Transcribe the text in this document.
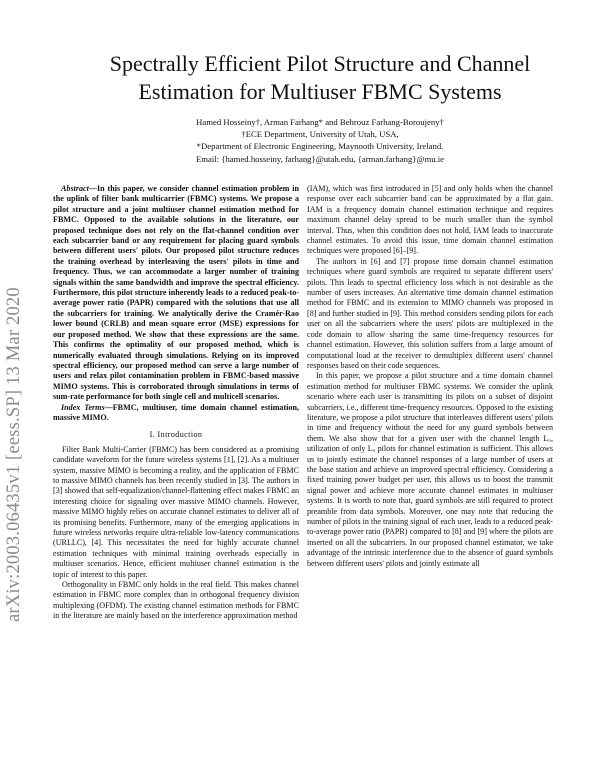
arXiv:2003.06435v1 [eess.SP] 13 Mar 2020
Spectrally Efficient Pilot Structure and Channel
Estimation for Multiuser FBMC Systems
Hamed Hosseiny†, Arman Farhang* and Behrouz Farhang-Boroujeny†
†ECE Department, University of Utah, USA,
*Department of Electronic Engineering, Maynooth University, Ireland.
Email: {hamed.hosseiny, farhang}@utah.edu, {arman.farhang}@mu.ie

Abstract—In this paper, we consider channel estimation problem in the uplink of filter bank multicarrier (FBMC) systems. We propose a pilot structure and a joint multiuser channel estimation method for FBMC. Opposed to the available solutions in the literature, our proposed technique does not rely on the flat-channel condition over each subcarrier band or any requirement for placing guard symbols between different users' pilots. Our proposed pilot structure reduces the training overhead by interleaving the users' pilots in time and frequency. Thus, we can accommodate a larger number of training signals within the same bandwidth and improve the spectral efficiency. Furthermore, this pilot structure inherently leads to a reduced peak-to-average power ratio (PAPR) compared with the solutions that use all the subcarriers for training. We analytically derive the Cramér-Rao lower bound (CRLB) and mean square error (MSE) expressions for our proposed method. We show that these expressions are the same. This confirms the optimality of our proposed method, which is numerically evaluated through simulations. Relying on its improved spectral efficiency, our proposed method can serve a large number of users and relax pilot contamination problem in FBMC-based massive MIMO systems. This is corroborated through simulations in terms of sum-rate performance for both single cell and multicell scenarios.

Index Terms—FBMC, multiuser, time domain channel estimation, massive MIMO.

I. Introduction

Filter Bank Multi-Carrier (FBMC) has been considered as a promising candidate waveform for the future wireless systems [1], [2]. As a multiuser system, massive MIMO is becoming a reality, and the application of FBMC to massive MIMO channels has been recently studied in [3]. The authors in [3] showed that self-equalization/channel-flattening effect makes FBMC an interesting choice for signaling over massive MIMO channels. However, massive MIMO highly relies on accurate channel estimates to deliver all of its promising benefits. Furthermore, many of the emerging applications in future wireless networks require ultra-reliable low-latency communications (URLLC), [4]. This necessitates the need for highly accurate channel estimation techniques with minimal training overheads especially in multiuser scenarios. Hence, efficient multiuser channel estimation is the topic of interest to this paper.

Orthogonality in FBMC only holds in the real field. This makes channel estimation in FBMC more complex than in orthogonal frequency division multiplexing (OFDM). The existing channel estimation methods for FBMC in the literature are mainly based on the interference approximation method

(IAM), which was first introduced in [5] and only holds when the channel response over each subcarrier band can be approximated by a flat gain. IAM is a frequency domain channel estimation technique and requires maximum channel delay spread to be much smaller than the symbol interval. Thus, when this condition does not hold, IAM leads to inaccurate channel estimates. To avoid this issue, time domain channel estimation techniques were proposed [6]–[9].

The authors in [6] and [7] propose time domain channel estimation techniques where guard symbols are required to separate different users' pilots. This leads to spectral efficiency loss which is not desirable as the number of users increases. An alternative time domain channel estimation method for FBMC and its extension to MIMO channels was proposed in [8] and further studied in [9]. This method considers sending pilots for each user on all the subcarriers where the users' pilots are multiplexed in the code domain to allow sharing the same time-frequency resources for channel estimation. However, this solution suffers from a large amount of computational load at the receiver to demultiplex different users' channel responses based on their code sequences.

In this paper, we propose a pilot structure and a time domain channel estimation method for multiuser FBMC systems. We consider the uplink scenario where each user is transmitting its pilots on a subset of disjoint subcarriers, i.e., different time-frequency resources. Opposed to the existing literature, we propose a pilot structure that interleaves different users' pilots in time and frequency without the need for any guard symbols between them. We also show that for a given user with the channel length Lᵤ, utilization of only Lᵤ pilots for channel estimation is sufficient. This allows us to jointly estimate the channel responses of a large number of users at the base station and achieve an improved spectral efficiency. Considering a fixed training power budget per user, this allows us to boost the transmit signal power and achieve more accurate channel estimates in multiuser systems. It is worth to note that, guard symbols are still required to protect preamble from data symbols. Moreover, one may note that reducing the number of pilots in the training signal of each user, leads to a reduced peak-to-average power ratio (PAPR) compared to [8] and [9] where the pilots are inserted on all the subcarriers. In our proposed channel estimator, we take advantage of the intrinsic interference due to the absence of guard symbols between different users' pilots and jointly estimate all
